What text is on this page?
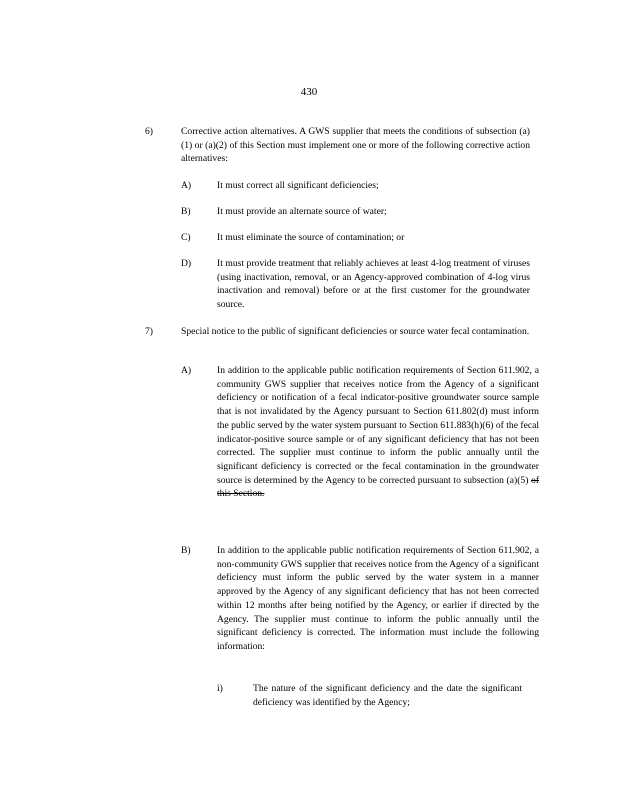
430
6)	Corrective action alternatives. A GWS supplier that meets the conditions of subsection (a)(1) or (a)(2) of this Section must implement one or more of the following corrective action alternatives:
A)	It must correct all significant deficiencies;
B)	It must provide an alternate source of water;
C)	It must eliminate the source of contamination; or
D)	It must provide treatment that reliably achieves at least 4-log treatment of viruses (using inactivation, removal, or an Agency-approved combination of 4-log virus inactivation and removal) before or at the first customer for the groundwater source.
7)	Special notice to the public of significant deficiencies or source water fecal contamination.
A)	In addition to the applicable public notification requirements of Section 611.902, a community GWS supplier that receives notice from the Agency of a significant deficiency or notification of a fecal indicator-positive groundwater source sample that is not invalidated by the Agency pursuant to Section 611.802(d) must inform the public served by the water system pursuant to Section 611.883(h)(6) of the fecal indicator-positive source sample or of any significant deficiency that has not been corrected. The supplier must continue to inform the public annually until the significant deficiency is corrected or the fecal contamination in the groundwater source is determined by the Agency to be corrected pursuant to subsection (a)(5) of this Section.
B)	In addition to the applicable public notification requirements of Section 611.902, a non-community GWS supplier that receives notice from the Agency of a significant deficiency must inform the public served by the water system in a manner approved by the Agency of any significant deficiency that has not been corrected within 12 months after being notified by the Agency, or earlier if directed by the Agency. The supplier must continue to inform the public annually until the significant deficiency is corrected. The information must include the following information:
i)	The nature of the significant deficiency and the date the significant deficiency was identified by the Agency;
